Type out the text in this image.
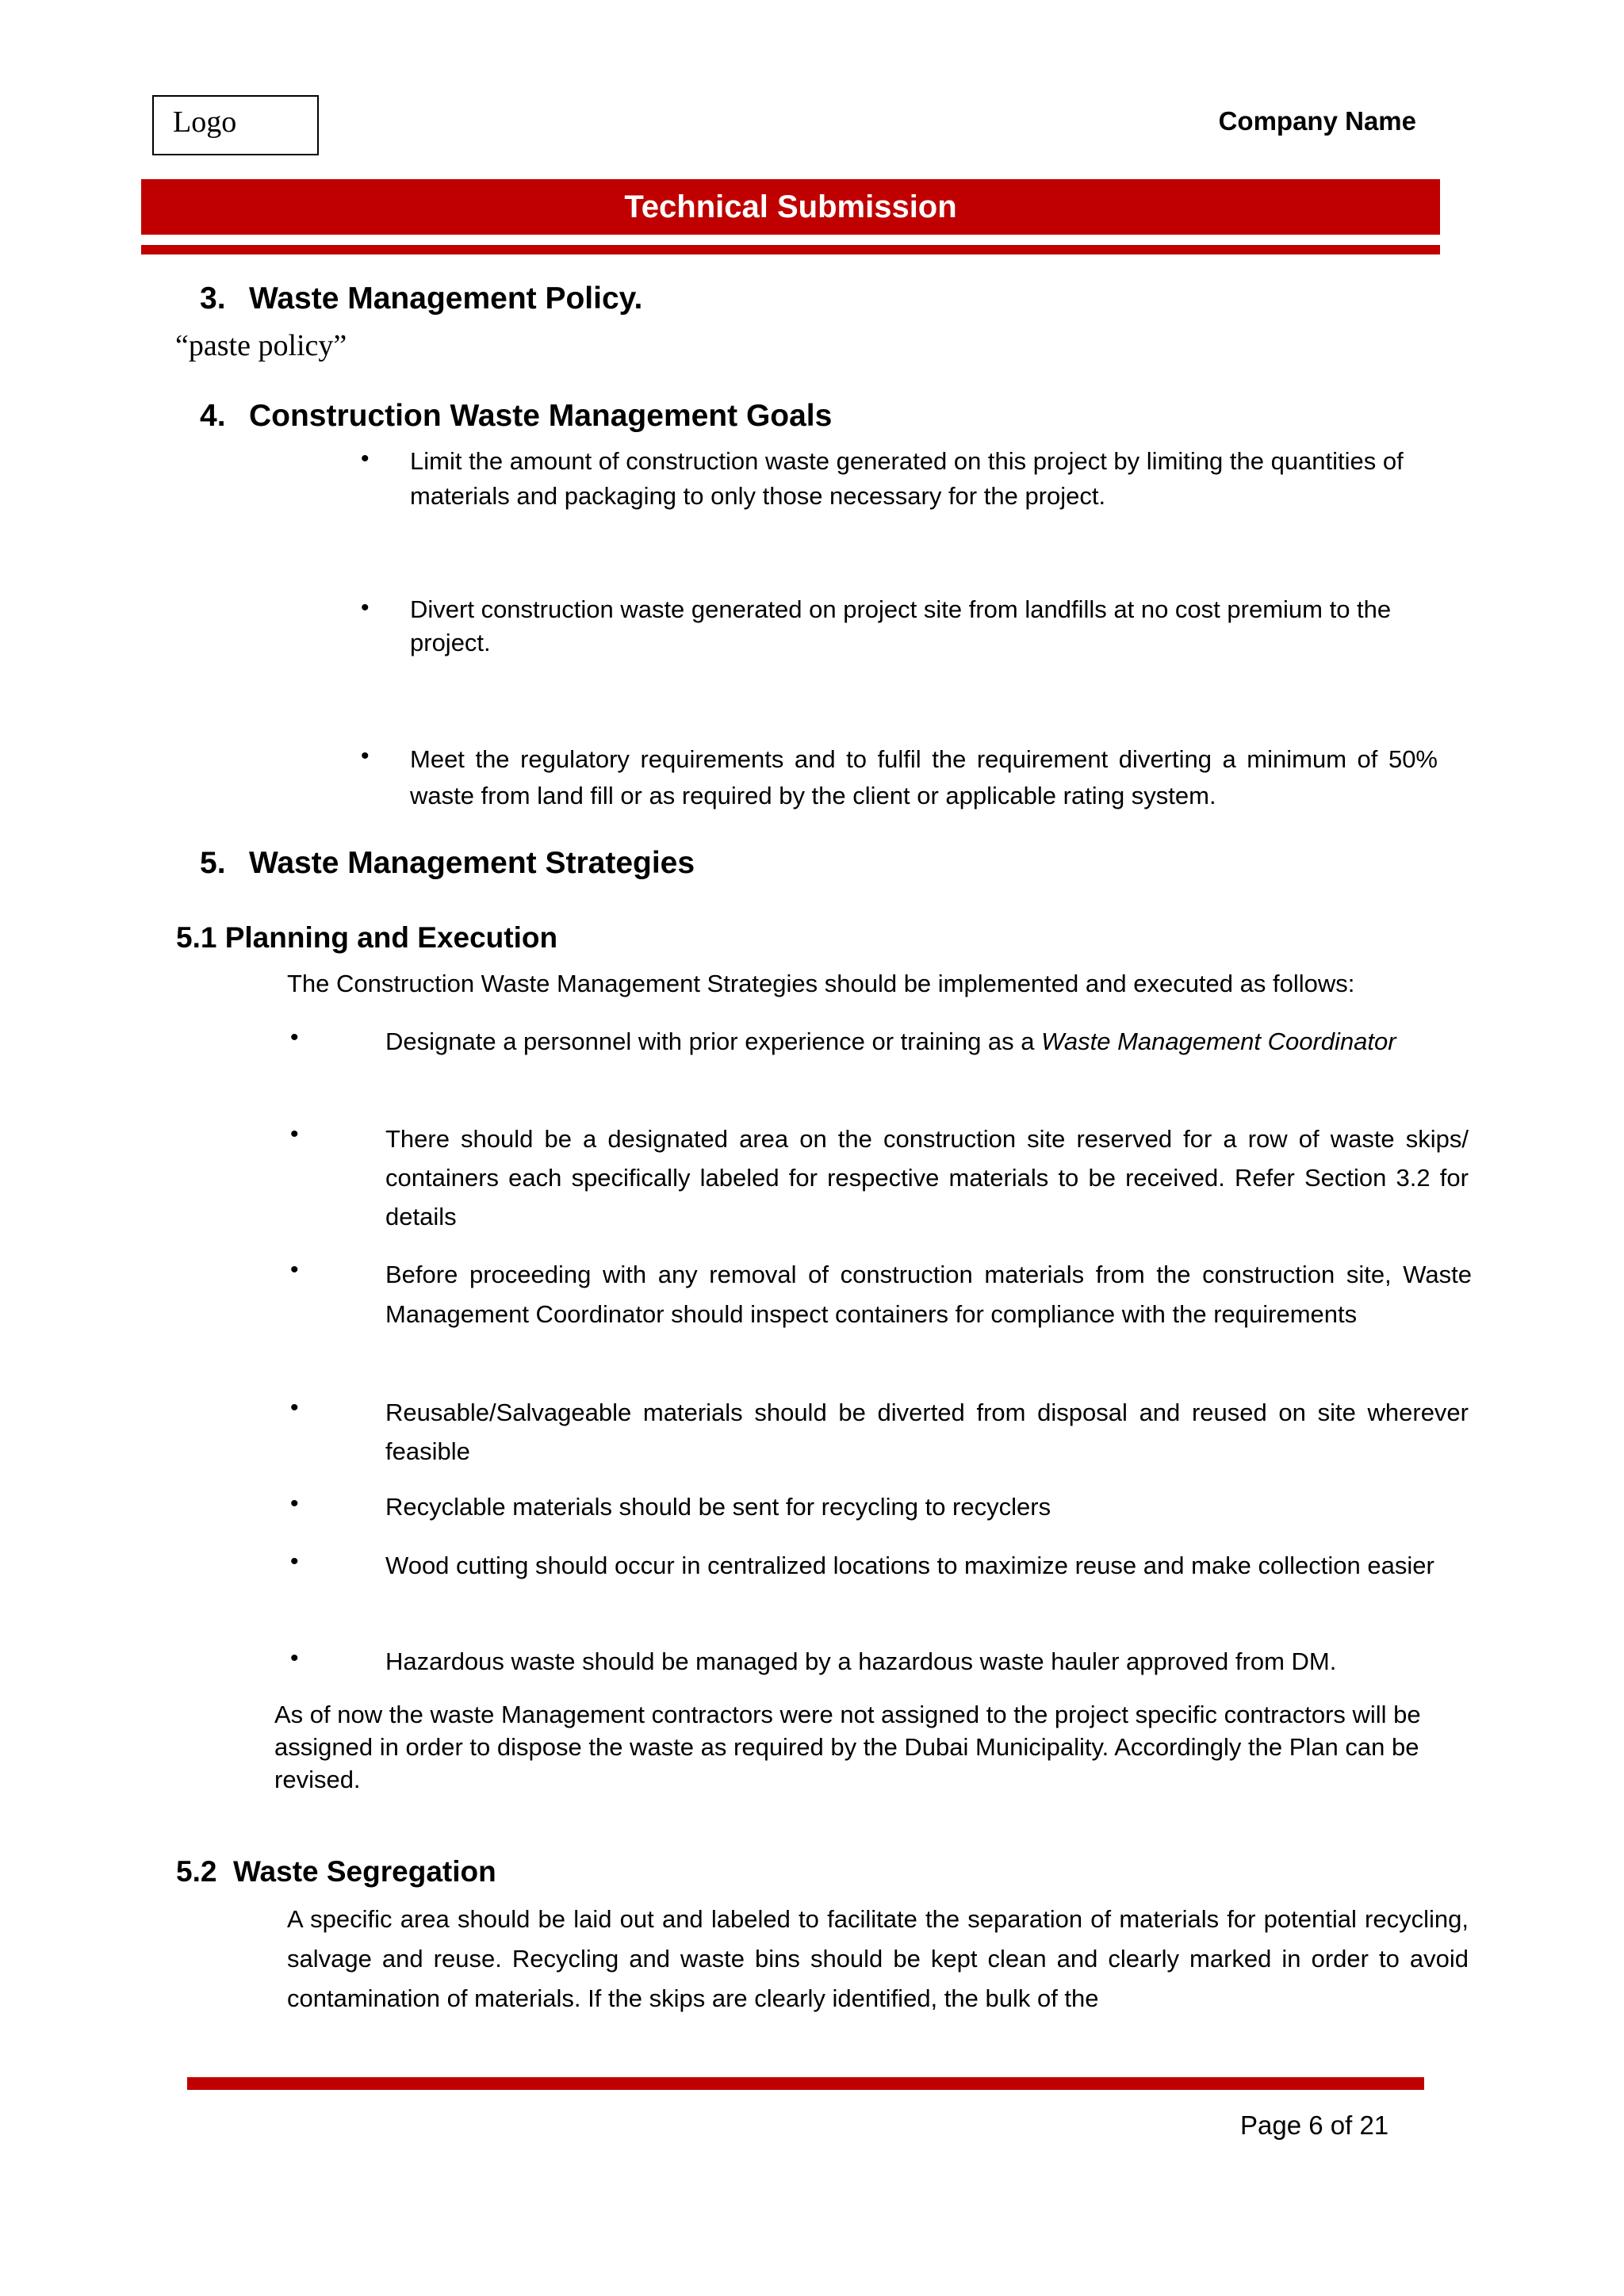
Logo	Company Name
Technical Submission
3. Waste Management Policy.
“paste policy”
4. Construction Waste Management Goals
• Limit the amount of construction waste generated on this project by limiting the quantities of materials and packaging to only those necessary for the project.
• Divert construction waste generated on project site from landfills at no cost premium to the project.
• Meet the regulatory requirements and to fulfil the requirement diverting a minimum of 50% waste from land fill or as required by the client or applicable rating system.
5. Waste Management Strategies
5.1 Planning and Execution
The Construction Waste Management Strategies should be implemented and executed as follows:
•	Designate a personnel with prior experience or training as a Waste Management Coordinator
•	There should be a designated area on the construction site reserved for a row of waste skips/ containers each specifically labeled for respective materials to be received. Refer Section 3.2 for details
•	Before proceeding with any removal of construction materials from the construction site, Waste Management Coordinator should inspect containers for compliance with the requirements
•	Reusable/Salvageable materials should be diverted from disposal and reused on site wherever feasible
•	Recyclable materials should be sent for recycling to recyclers
•	Wood cutting should occur in centralized locations to maximize reuse and make collection easier
•	Hazardous waste should be managed by a hazardous waste hauler approved from DM.
As of now the waste Management contractors were not assigned to the project specific contractors will be assigned in order to dispose the waste as required by the Dubai Municipality. Accordingly the Plan can be revised.
5.2 Waste Segregation
A specific area should be laid out and labeled to facilitate the separation of materials for potential recycling, salvage and reuse. Recycling and waste bins should be kept clean and clearly marked in order to avoid contamination of materials. If the skips are clearly identified, the bulk of the
Page 6 of 21
